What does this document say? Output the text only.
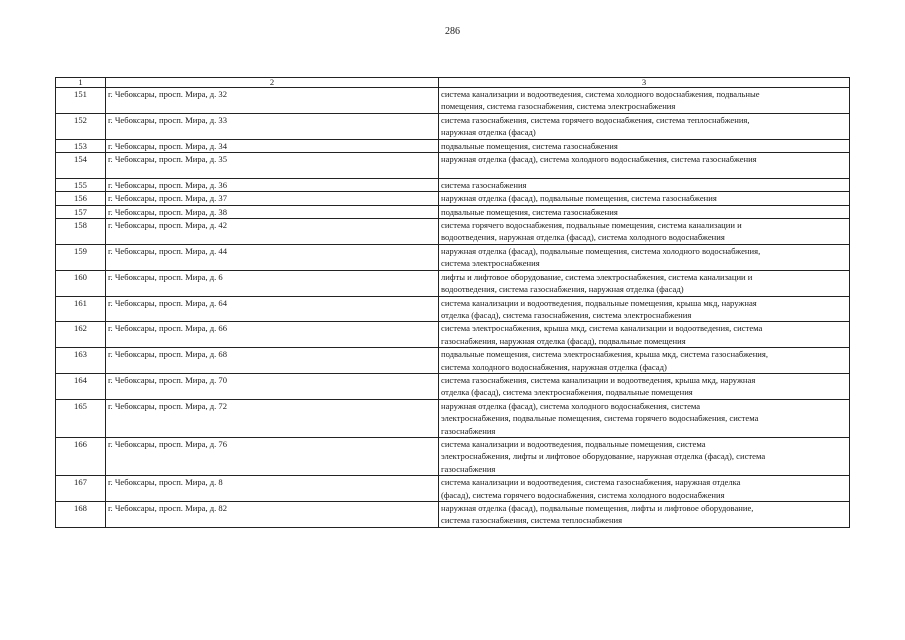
286
1	2	3
151	г. Чебоксары, просп. Мира, д. 32	система канализации и водоотведения, система холодного водоснабжения, подвальные
помещения, система газоснабжения, система электроснабжения

152	г. Чебоксары, просп. Мира, д. 33	система газоснабжения, система горячего водоснабжения, система теплоснабжения,
наружная отделка (фасад)

153	г. Чебоксары, просп. Мира, д. 34	подвальные помещения, система газоснабжения

154	г. Чебоксары, просп. Мира, д. 35	наружная отделка (фасад), система холодного водоснабжения, система газоснабжения

155	г. Чебоксары, просп. Мира, д. 36	система газоснабжения

156	г. Чебоксары, просп. Мира, д. 37	наружная отделка (фасад), подвальные помещения, система газоснабжения

157	г. Чебоксары, просп. Мира, д. 38	подвальные помещения, система газоснабжения

158	г. Чебоксары, просп. Мира, д. 42	система горячего водоснабжения, подвальные помещения, система канализации и
водоотведения, наружная отделка (фасад), система холодного водоснабжения

159	г. Чебоксары, просп. Мира, д. 44	наружная отделка (фасад), подвальные помещения, система холодного водоснабжения,
система электроснабжения

160	г. Чебоксары, просп. Мира, д. 6	лифты и лифтовое оборудование, система электроснабжения, система канализации и
водоотведения, система газоснабжения, наружная отделка (фасад)

161	г. Чебоксары, просп. Мира, д. 64	система канализации и водоотведения, подвальные помещения, крыша мкд, наружная
отделка (фасад), система газоснабжения, система электроснабжения

162	г. Чебоксары, просп. Мира, д. 66	система электроснабжения, крыша мкд, система канализации и водоотведения, система
газоснабжения, наружная отделка (фасад), подвальные помещения

163	г. Чебоксары, просп. Мира, д. 68	подвальные помещения, система электроснабжения, крыша мкд, система газоснабжения,
система холодного водоснабжения, наружная отделка (фасад)

164	г. Чебоксары, просп. Мира, д. 70	система газоснабжения, система канализации и водоотведения, крыша мкд, наружная
отделка (фасад), система электроснабжения, подвальные помещения

165	г. Чебоксары, просп. Мира, д. 72	наружная отделка (фасад), система холодного водоснабжения, система
электроснабжения, подвальные помещения, система горячего водоснабжения, система
газоснабжения

166	г. Чебоксары, просп. Мира, д. 76	система канализации и водоотведения, подвальные помещения, система
электроснабжения, лифты и лифтовое оборудование, наружная отделка (фасад), система
газоснабжения

167	г. Чебоксары, просп. Мира, д. 8	система канализации и водоотведения, система газоснабжения, наружная отделка
(фасад), система горячего водоснабжения, система холодного водоснабжения

168	г. Чебоксары, просп. Мира, д. 82	наружная отделка (фасад), подвальные помещения, лифты и лифтовое оборудование,
система газоснабжения, система теплоснабжения
